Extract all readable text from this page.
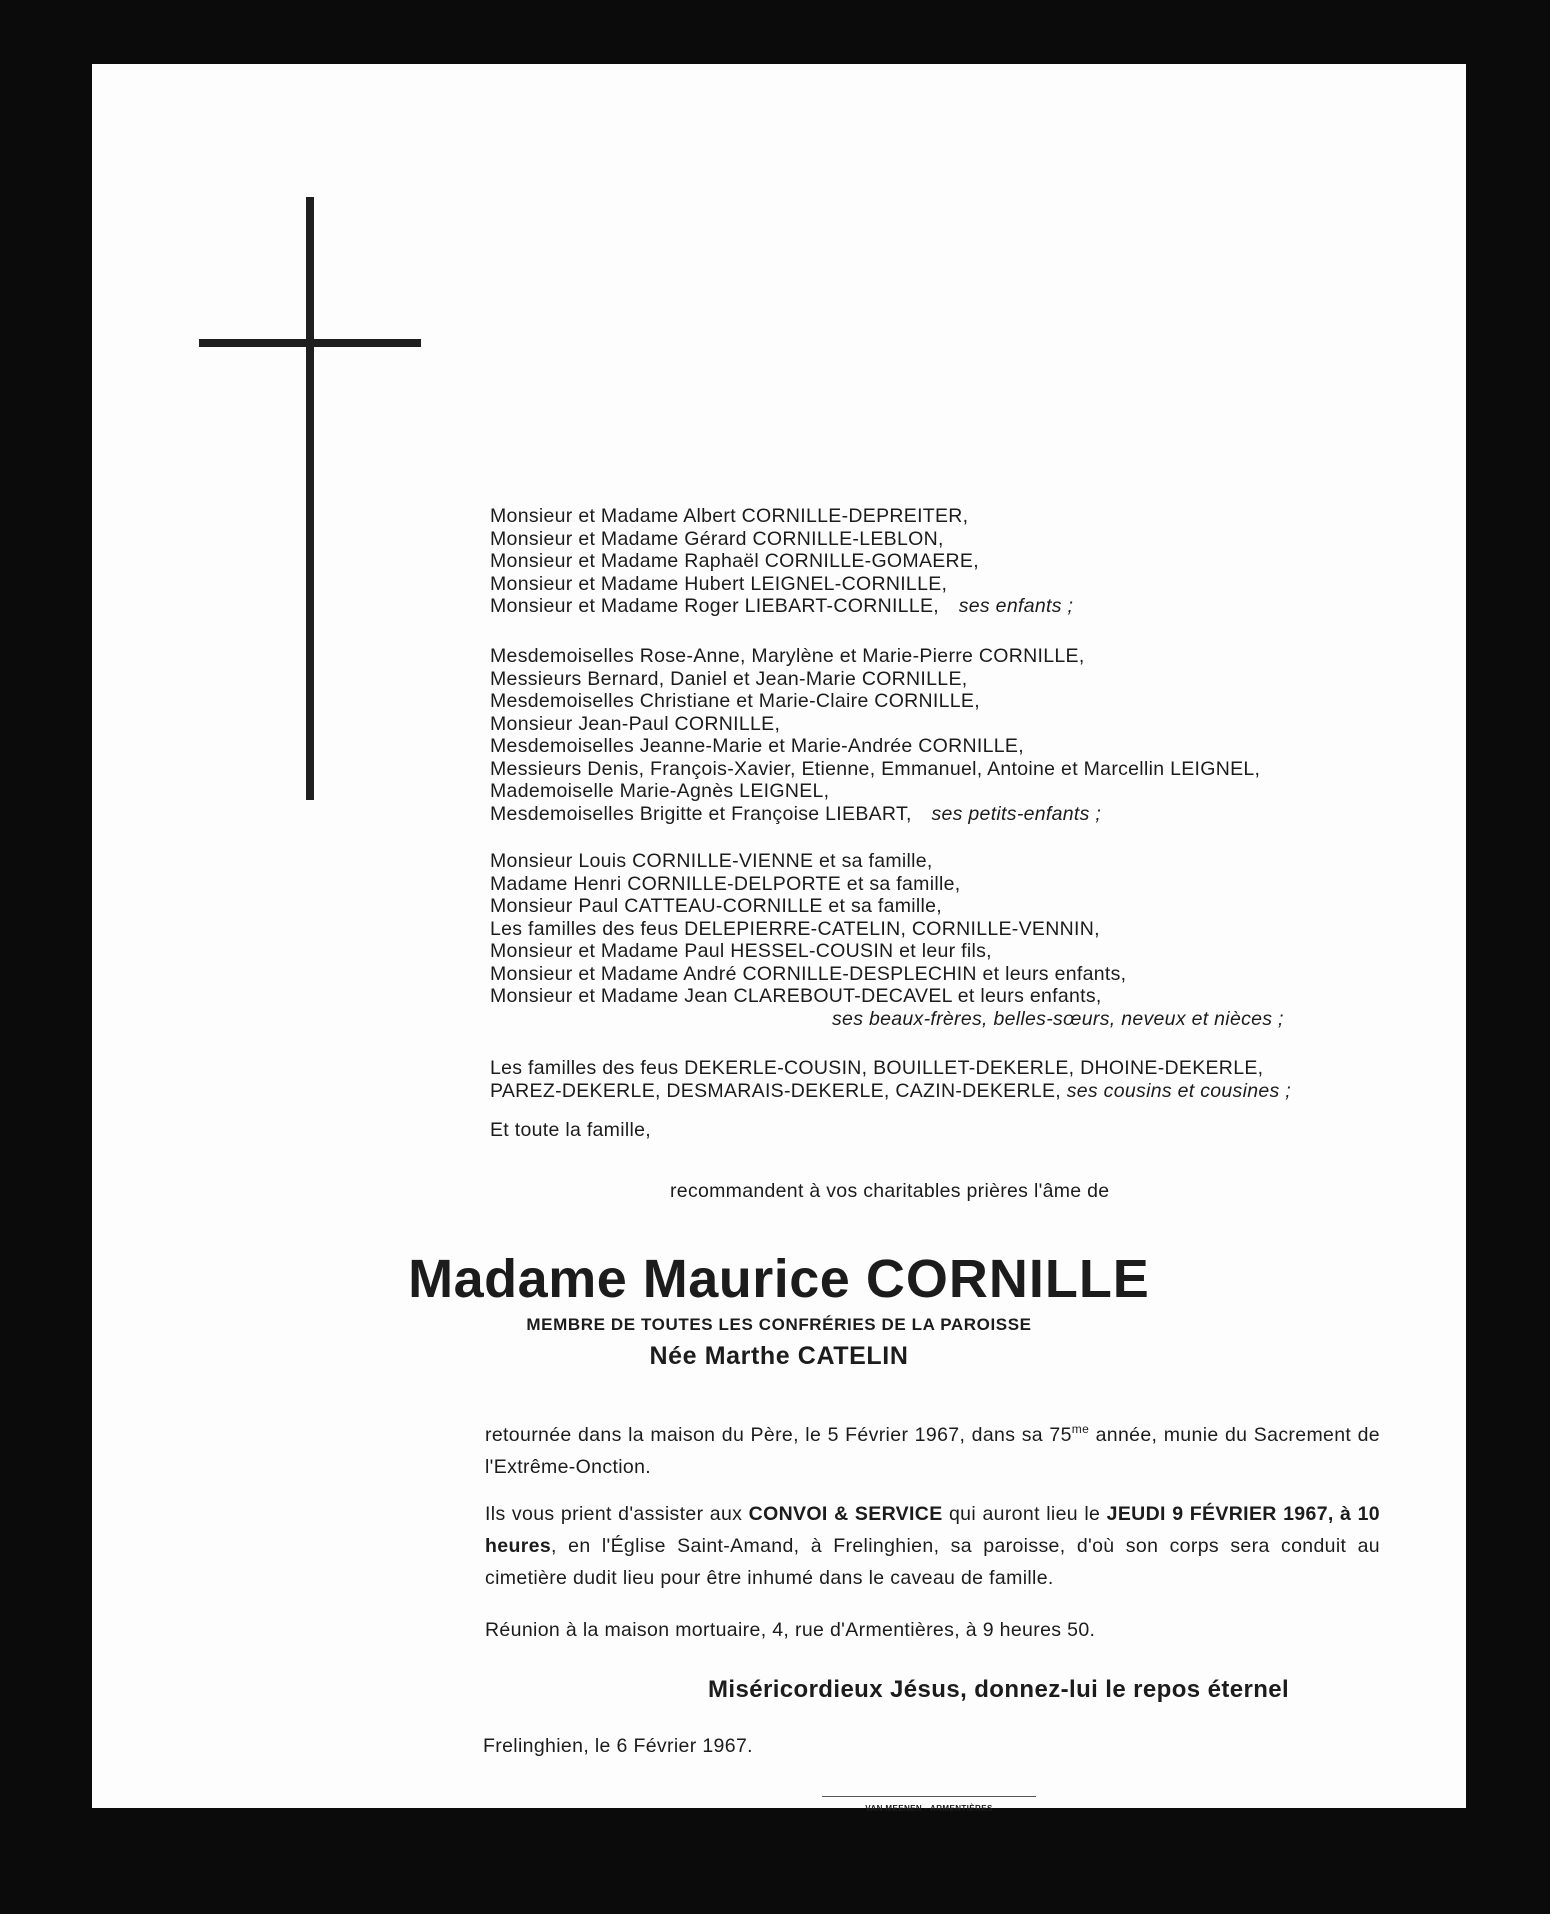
Monsieur et Madame Albert CORNILLE-DEPREITER,
Monsieur et Madame Gérard CORNILLE-LEBLON,
Monsieur et Madame Raphaël CORNILLE-GOMAERE,
Monsieur et Madame Hubert LEIGNEL-CORNILLE,
Monsieur et Madame Roger LIEBART-CORNILLE, ses enfants ;
Mesdemoiselles Rose-Anne, Marylène et Marie-Pierre CORNILLE,
Messieurs Bernard, Daniel et Jean-Marie CORNILLE,
Mesdemoiselles Christiane et Marie-Claire CORNILLE,
Monsieur Jean-Paul CORNILLE,
Mesdemoiselles Jeanne-Marie et Marie-Andrée CORNILLE,
Messieurs Denis, François-Xavier, Etienne, Emmanuel, Antoine et Marcellin LEIGNEL,
Mademoiselle Marie-Agnès LEIGNEL,
Mesdemoiselles Brigitte et Françoise LIEBART, ses petits-enfants ;
Monsieur Louis CORNILLE-VIENNE et sa famille,
Madame Henri CORNILLE-DELPORTE et sa famille,
Monsieur Paul CATTEAU-CORNILLE et sa famille,
Les familles des feus DELEPIERRE-CATELIN, CORNILLE-VENNIN,
Monsieur et Madame Paul HESSEL-COUSIN et leur fils,
Monsieur et Madame André CORNILLE-DESPLECHIN et leurs enfants,
Monsieur et Madame Jean CLAREBOUT-DECAVEL et leurs enfants,
ses beaux-frères, belles-sœurs, neveux et nièces ;
Les familles des feus DEKERLE-COUSIN, BOUILLET-DEKERLE, DHOINE-DEKERLE,
PAREZ-DEKERLE, DESMARAIS-DEKERLE, CAZIN-DEKERLE, ses cousins et cousines ;
Et toute la famille,
recommandent à vos charitables prières l'âme de
Madame Maurice CORNILLE
MEMBRE DE TOUTES LES CONFRÉRIES DE LA PAROISSE
Née Marthe CATELIN

retournée dans la maison du Père, le 5 Février 1967, dans sa $75^{me}$ année, munie du Sacrement de l'Extrême-Onction.

Ils vous prient d'assister aux CONVOI & SERVICE qui auront lieu le JEUDI 9 FÉVRIER 1967, à 10 heures, en l'Église Saint-Amand, à Frelinghien, sa paroisse, d'où son corps sera conduit au cimetière dudit lieu pour être inhumé dans le caveau de famille.

Réunion à la maison mortuaire, 4, rue d'Armentières, à 9 heures 50.
Miséricordieux Jésus, donnez-lui le repos éternel
Frelinghien, le 6 Février 1967.
VAN MEENEN - ARMENTIÈRES
